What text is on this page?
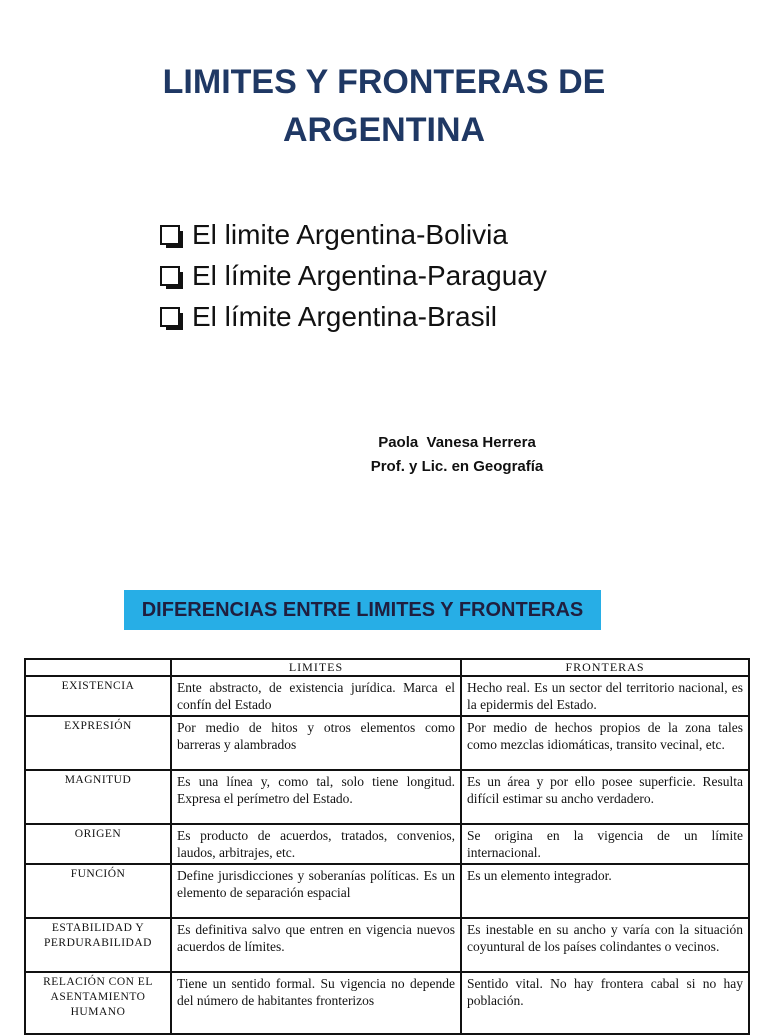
LIMITES Y FRONTERAS DE
ARGENTINA
El limite Argentina-Bolivia
El límite Argentina-Paraguay
El límite Argentina-Brasil
Paola  Vanesa Herrera
Prof. y Lic. en Geografía
DIFERENCIAS ENTRE LIMITES Y FRONTERAS
	LIMITES	FRONTERAS
EXISTENCIA	Ente abstracto, de existencia jurídica. Marca el confín del Estado	Hecho real. Es un sector del territorio nacional, es la epidermis del Estado.
EXPRESIÓN	Por medio de hitos y otros elementos como barreras y alambrados	Por medio de hechos propios de la zona tales como mezclas idiomáticas, transito vecinal, etc.
MAGNITUD	Es una línea y, como tal, solo tiene longitud. Expresa el perímetro del Estado.	Es un área y por ello posee superficie. Resulta difícil estimar su ancho verdadero.
ORIGEN	Es producto de acuerdos, tratados, convenios, laudos, arbitrajes, etc.	Se origina en la vigencia de un límite internacional.
FUNCIÓN	Define jurisdicciones y soberanías políticas. Es un elemento de separación espacial	Es un elemento integrador.
ESTABILIDAD Y PERDURABILIDAD	Es definitiva salvo que entren en vigencia nuevos acuerdos de límites.	Es inestable en su ancho y varía con la situación coyuntural de los países colindantes o vecinos.
RELACIÓN CON EL ASENTAMIENTO HUMANO	Tiene un sentido formal. Su vigencia no depende del número de habitantes fronterizos	Sentido vital. No hay frontera cabal si no hay población.
